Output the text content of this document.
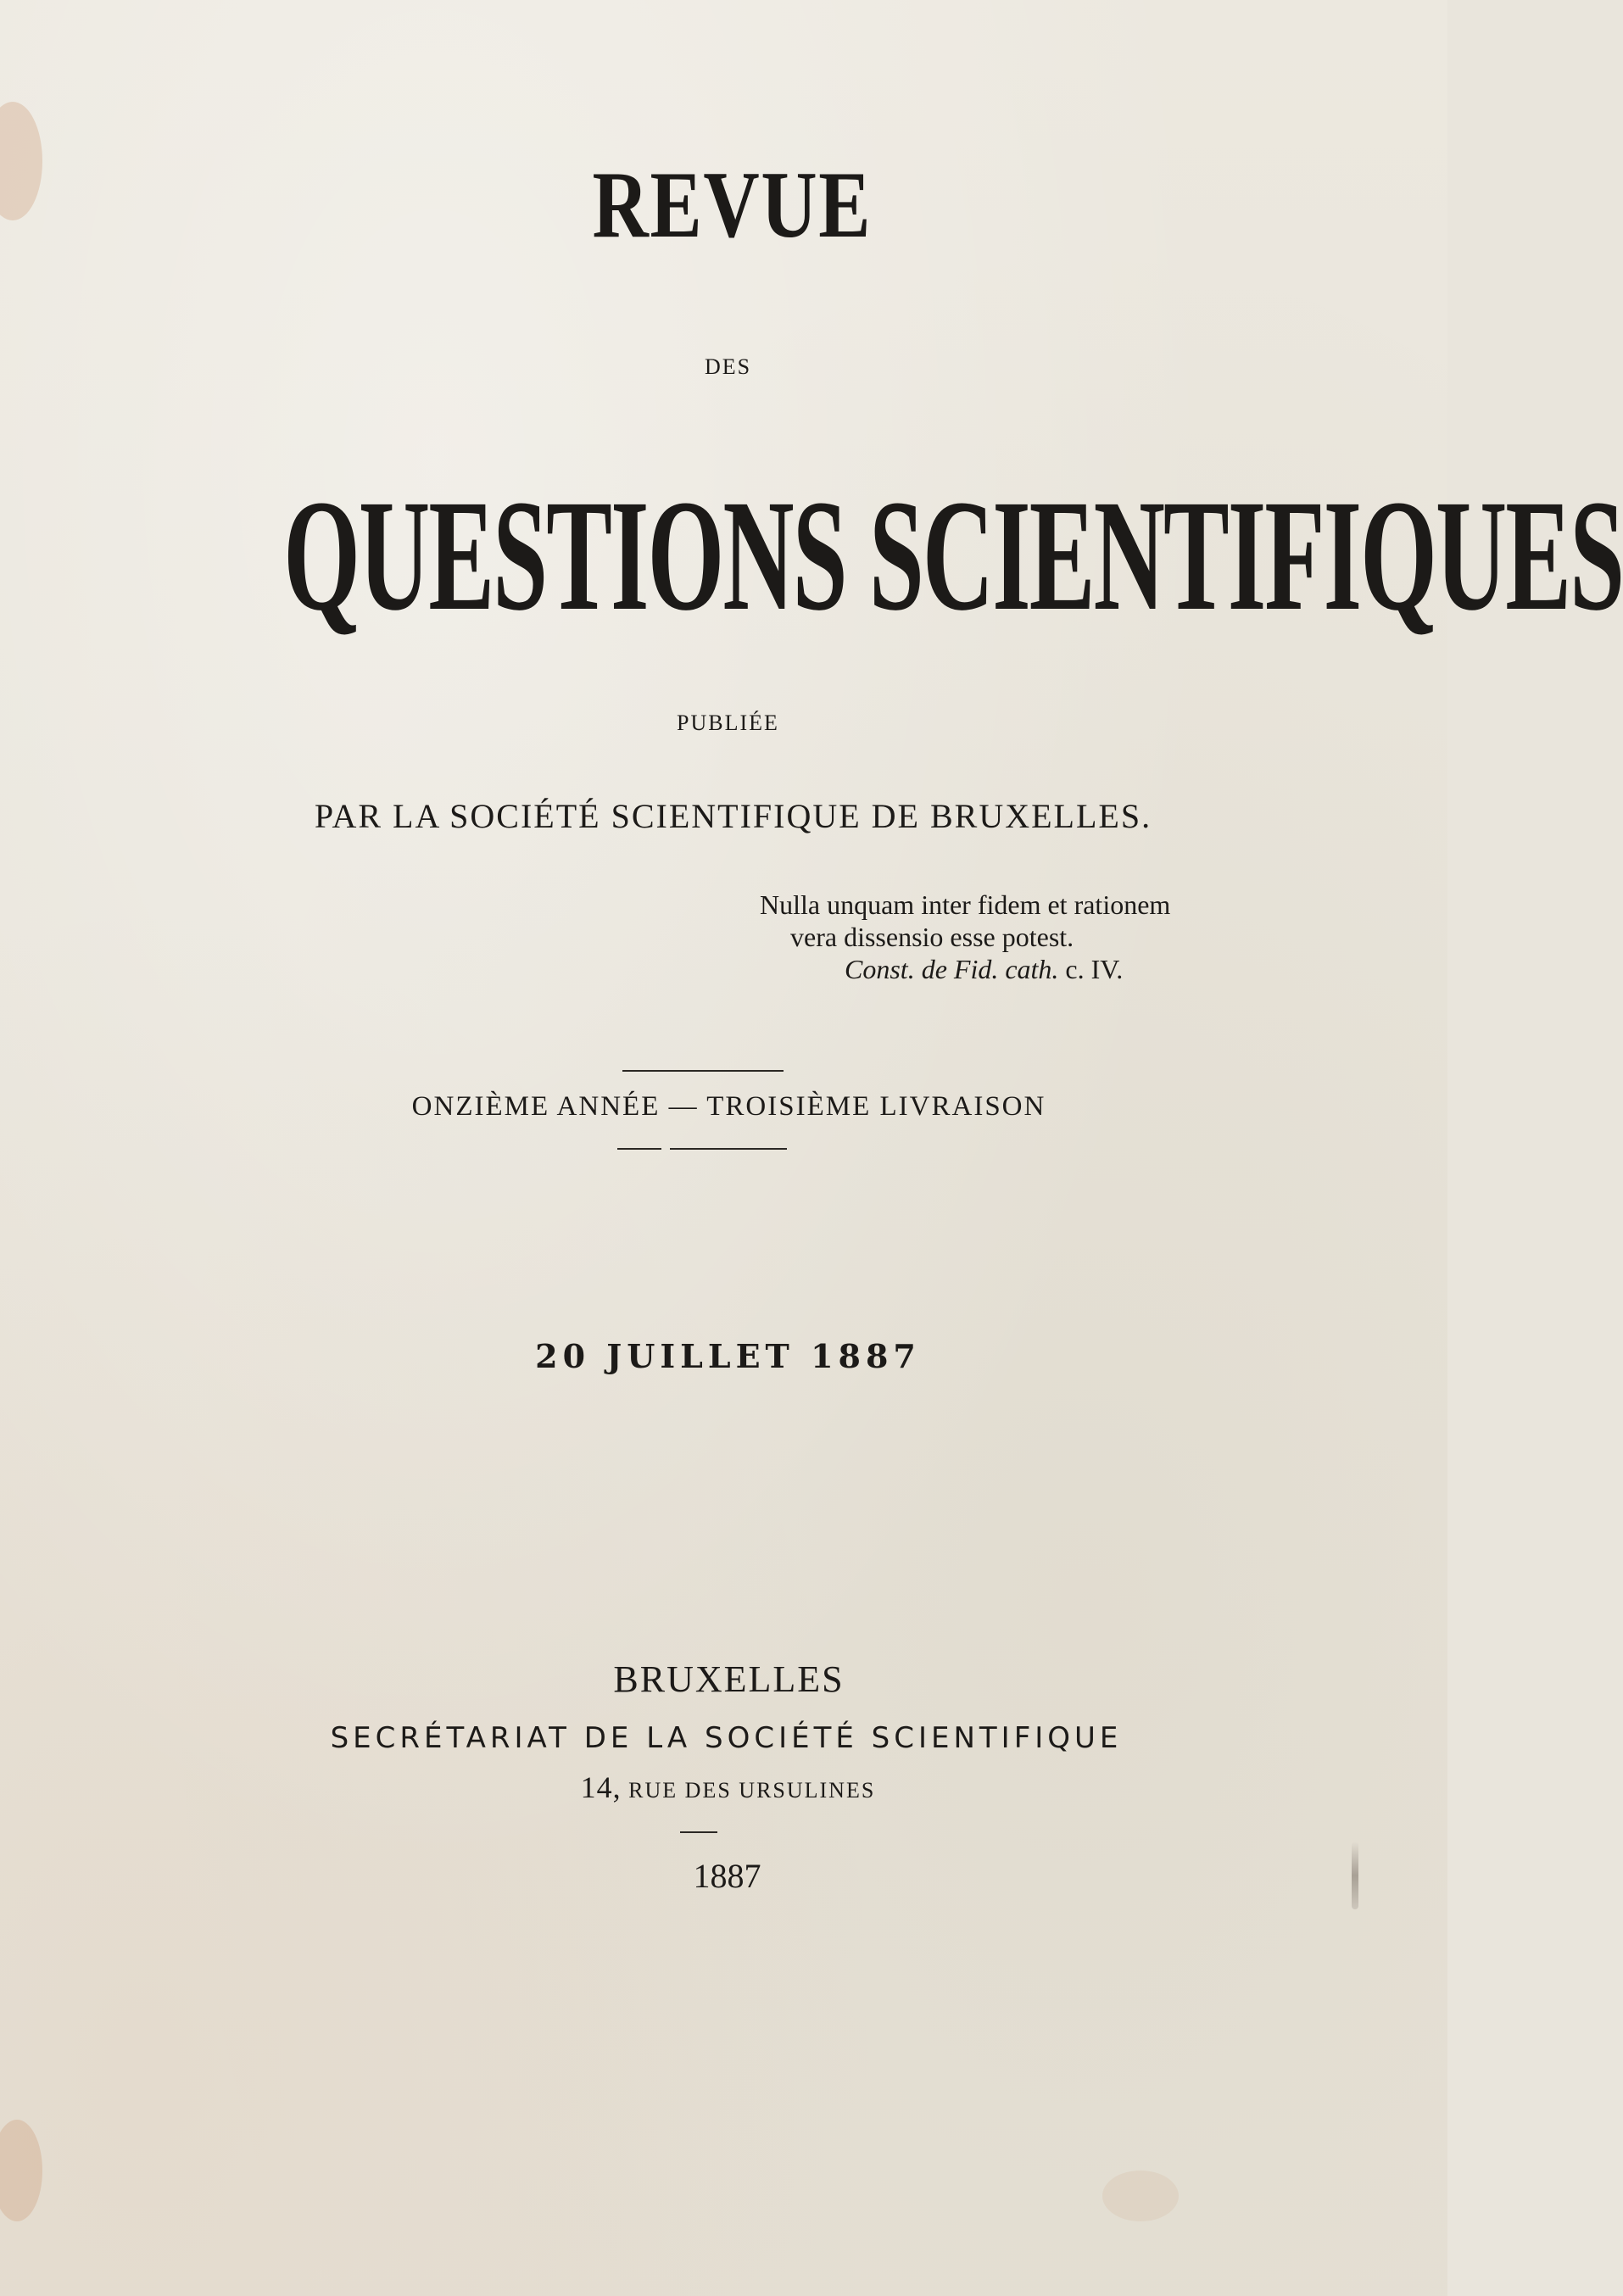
REVUE
DES
QUESTIONS SCIENTIFIQUES
PUBLIÉE
PAR LA SOCIÉTÉ SCIENTIFIQUE DE BRUXELLES.
Nulla unquam inter fidem et rationem
vera dissensio esse potest.
Const. de Fid. cath. c. IV.
ONZIÈME ANNÉE — TROISIÈME LIVRAISON
20 JUILLET 1887
BRUXELLES
SECRÉTARIAT DE LA SOCIÉTÉ SCIENTIFIQUE
14, RUE DES URSULINES
1887
